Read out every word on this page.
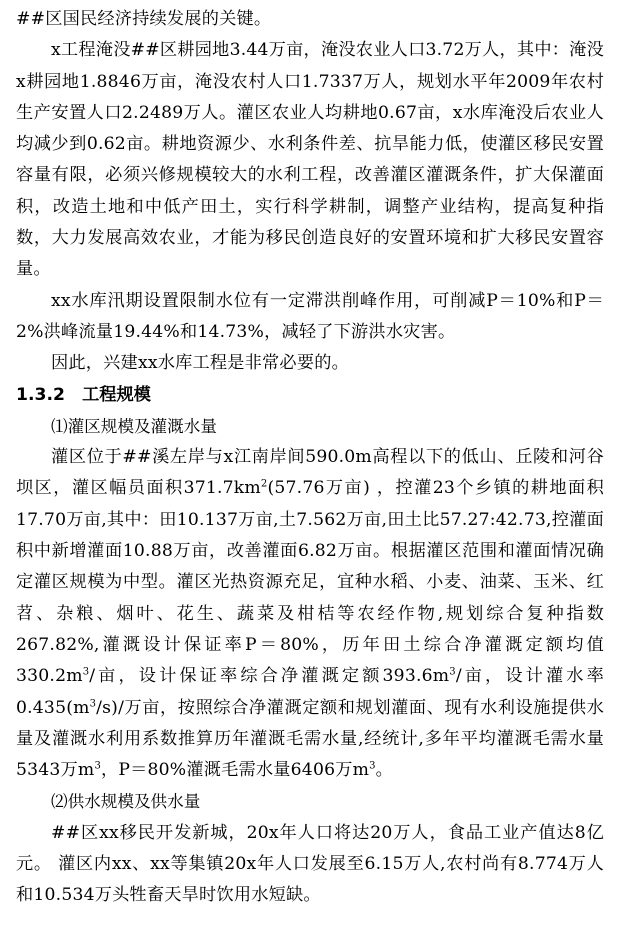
##区国民经济持续发展的关键。

x工程淹没##区耕园地3.44万亩，淹没农业人口3.72万人，其中：淹没x耕园地1.8846万亩，淹没农村人口1.7337万人，规划水平年2009年农村生产安置人口2.2489万人。灌区农业人均耕地0.67亩，x水库淹没后农业人均减少到0.62亩。耕地资源少、水利条件差、抗旱能力低，使灌区移民安置容量有限，必须兴修规模较大的水利工程，改善灌区灌溉条件，扩大保灌面积，改造土地和中低产田土，实行科学耕制，调整产业结构，提高复种指数，大力发展高效农业，才能为移民创造良好的安置环境和扩大移民安置容量。

xx水库汛期设置限制水位有一定滞洪削峰作用，可削减P＝10%和P＝2%洪峰流量19.44%和14.73%，减轻了下游洪水灾害。

因此，兴建xx水库工程是非常必要的。

1.3.2　工程规模

⑴灌区规模及灌溉水量

灌区位于##溪左岸与x江南岸间590.0m高程以下的低山、丘陵和河谷坝区，灌区幅员面积$371.7km^2(57.76$万亩) ，控灌23个乡镇的耕地面积17.70万亩,其中：田10.137万亩,土7.562万亩,田土比57.27:42.73,控灌面积中新增灌面10.88万亩，改善灌面6.82万亩。根据灌区范围和灌面情况确定灌区规模为中型。灌区光热资源充足，宜种水稻、小麦、油菜、玉米、红苕、杂粮、烟叶、花生、蔬菜及柑桔等农经作物,规划综合复种指数267.82%,灌溉设计保证率P＝80%，历年田土综合净灌溉定额均值$330.2m^3/$亩，设计保证率综合净灌溉定额$393.6m^3/$亩，设计灌水率$0.435(m^3/s)/$万亩，按照综合净灌溉定额和规划灌面、现有水利设施提供水量及灌溉水利用系数推算历年灌溉毛需水量,经统计,多年平均灌溉毛需水量5343万$m^3$，P＝80%灌溉毛需水量6406万$m^3$。

⑵供水规模及供水量

##区xx移民开发新城，20x年人口将达20万人，食品工业产值达8亿元。 灌区内xx、xx等集镇20x年人口发展至6.15万人,农村尚有8.774万人和10.534万头牲畜天旱时饮用水短缺。
